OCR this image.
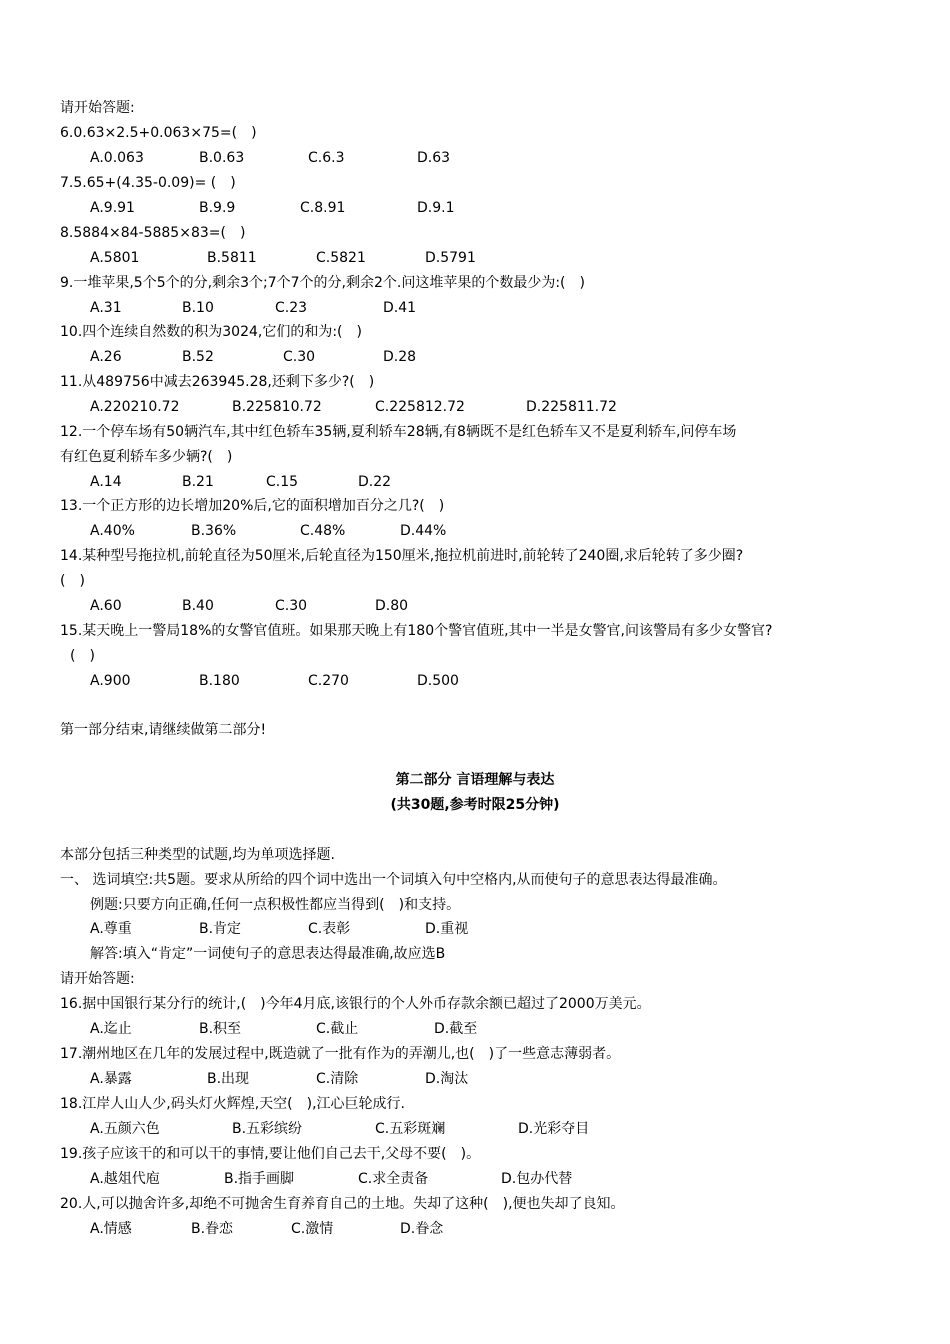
请开始答题:
6.0.63×2.5+0.063×75=(　)
A.0.063	B.0.63	C.6.3	D.63
7.5.65+(4.35-0.09)= (　)
A.9.91	B.9.9	C.8.91	D.9.1
8.5884×84-5885×83=(　)
A.5801	B.5811	C.5821	D.5791
9.一堆苹果,5个5个的分,剩余3个;7个7个的分,剩余2个.问这堆苹果的个数最少为:(　)
A.31	B.10	C.23	D.41
10.四个连续自然数的积为3024,它们的和为:(　)
A.26	B.52	C.30	D.28
11.从489756中减去263945.28,还剩下多少?(　)
A.220210.72	B.225810.72	C.225812.72	D.225811.72
12.一个停车场有50辆汽车,其中红色轿车35辆,夏利轿车28辆,有8辆既不是红色轿车又不是夏利轿车,问停车场
有红色夏利轿车多少辆?(　)
A.14	B.21	C.15	D.22
13.一个正方形的边长增加20%后,它的面积增加百分之几?(　)
A.40%	B.36%	C.48%	D.44%
14.某种型号拖拉机,前轮直径为50厘米,后轮直径为150厘米,拖拉机前进时,前轮转了240圈,求后轮转了多少圈?
(　)
A.60	B.40	C.30	D.80
15.某天晚上一警局18%的女警官值班。如果那天晚上有180个警官值班,其中一半是女警官,问该警局有多少女警官?
(　)
A.900	B.180	C.270	D.500
第一部分结束,请继续做第二部分!
第二部分 言语理解与表达
(共30题,参考时限25分钟)
本部分包括三种类型的试题,均为单项选择题.
一、 选词填空:共5题。要求从所给的四个词中选出一个词填入句中空格内,从而使句子的意思表达得最准确。
例题:只要方向正确,任何一点积极性都应当得到(　)和支持。
A.尊重	B.肯定	C.表彰	D.重视
解答:填入“肯定”一词使句子的意思表达得最准确,故应选B
请开始答题:
16.据中国银行某分行的统计,(　)今年4月底,该银行的个人外币存款余额已超过了2000万美元。
A.迄止	B.积至	C.截止	D.截至
17.潮州地区在几年的发展过程中,既造就了一批有作为的弄潮儿,也(　)了一些意志薄弱者。
A.暴露	B.出现	C.清除	D.淘汰
18.江岸人山人少,码头灯火辉煌,天空(　),江心巨轮成行.
A.五颜六色	B.五彩缤纷	C.五彩斑斓	D.光彩夺目
19.孩子应该干的和可以干的事情,要让他们自己去干,父母不要(　)。
A.越俎代庖	B.指手画脚	C.求全责备	D.包办代替
20.人,可以抛舍许多,却绝不可抛舍生育养育自己的土地。失却了这种(　),便也失却了良知。
A.情感	B.眷恋	C.激情	D.眷念
